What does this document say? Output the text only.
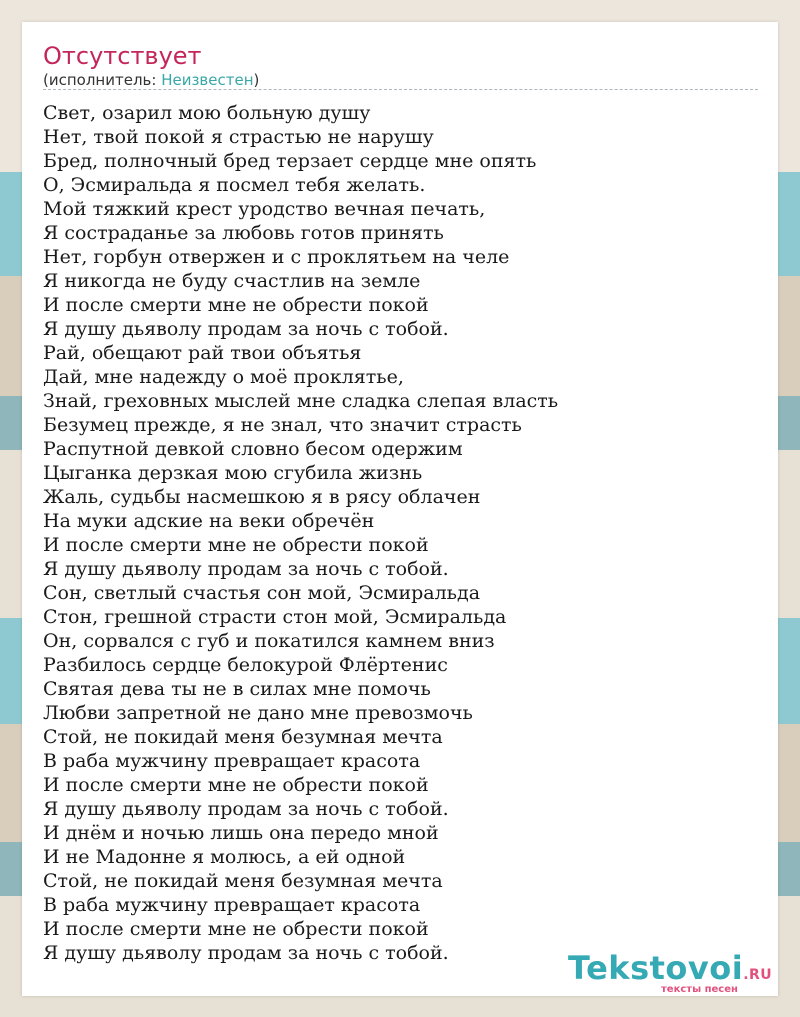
Отсутствует
(исполнитель: Неизвестен)
Свет, озарил мою больную душу
Нет, твой покой я страстью не нарушу
Бред, полночный бред терзает сердце мне опять
О, Эсмиральда я посмел тебя желать.
Мой тяжкий крест уродство вечная печать,
Я состраданье за любовь готов принять
Нет, горбун отвержен и с проклятьем на челе
Я никогда не буду счастлив на земле
И после смерти мне не обрести покой
Я душу дьяволу продам за ночь с тобой.
Рай, обещают рай твои объятья
Дай, мне надежду о моё проклятье,
Знай, греховных мыслей мне сладка слепая власть
Безумец прежде, я не знал, что значит страсть
Распутной девкой словно бесом одержим
Цыганка дерзкая мою сгубила жизнь
Жаль, судьбы насмешкою я в рясу облачен
На муки адские на веки обречён
И после смерти мне не обрести покой
Я душу дьяволу продам за ночь с тобой.
Сон, светлый счастья сон мой, Эсмиральда
Стон, грешной страсти стон мой, Эсмиральда
Он, сорвался с губ и покатился камнем вниз
Разбилось сердце белокурой Флёртенис
Святая дева ты не в силах мне помочь
Любви запретной не дано мне превозмочь
Стой, не покидай меня безумная мечта
В раба мужчину превращает красота
И после смерти мне не обрести покой
Я душу дьяволу продам за ночь с тобой.
И днём и ночью лишь она передо мной
И не Мадонне я молюсь, а ей одной
Стой, не покидай меня безумная мечта
В раба мужчину превращает красота
И после смерти мне не обрести покой
Я душу дьяволу продам за ночь с тобой.	Tekstovoi.RU
тексты песен
